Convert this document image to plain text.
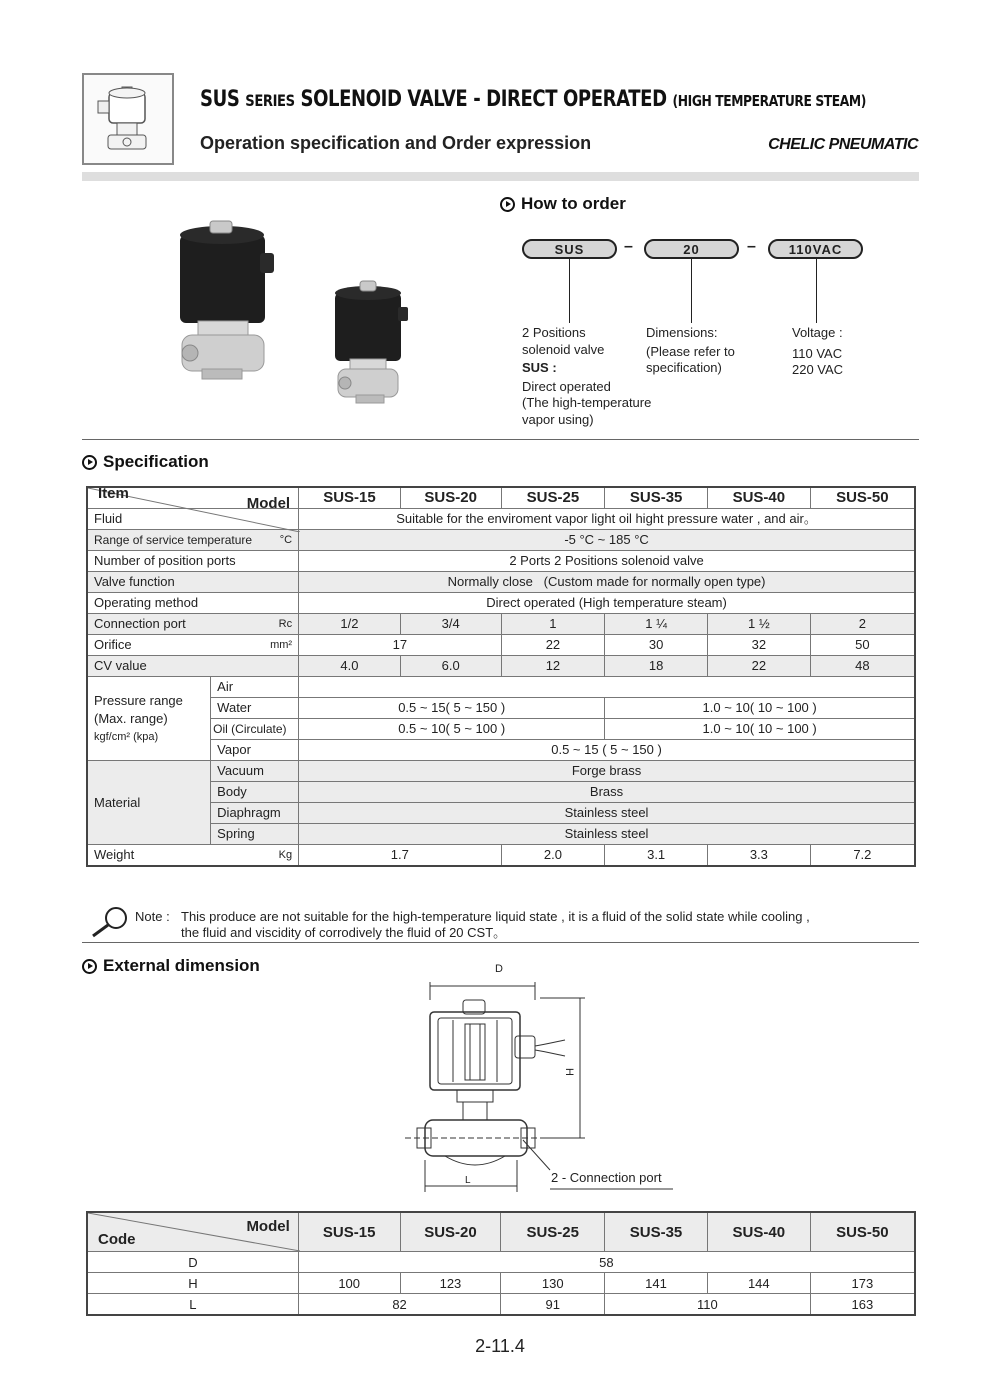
SUS SERIES SOLENOID VALVE - DIRECT OPERATED (HIGH TEMPERATURE STEAM)
Operation specification and Order expression	CHELIC PNEUMATIC
How to order
SUS	–	20	–	110VAC
2 Positions
solenoid valve
SUS :
Direct operated
(The high-temperature
vapor using)
Dimensions:
(Please refer to
specification)
Voltage :
110 VAC
220 VAC
Specification
Model
Item		SUS-15	SUS-20	SUS-25	SUS-35	SUS-40	SUS-50
Fluid		Suitable for the enviroment vapor light oil hight pressure water , and air。					
Range of service temperature °C		-5 °C ~ 185 °C					
Number of position ports		2 Ports 2 Positions solenoid valve					
Valve function		Normally close   (Custom made for normally open type)					
Operating method		Direct operated (High temperature steam)					
Connection port Rc		1/2	3/4	1	1 ¼	1 ½	2
Orifice mm²		17		22	30	32	50
CV value		4.0	6.0	12	18	22	48

Pressure range
(Max. range)
kgf/cm² (kpa)	Air						
	Water	0.5 ~ 15( 5 ~ 150 )			1.0 ~ 10( 10 ~ 100 )		
	Oil (Circulate)	0.5 ~ 10( 5 ~ 100 )			1.0 ~ 10( 10 ~ 100 )		
	Vapor	0.5 ~ 15 ( 5 ~ 150 )					
Material	Vacuum	Forge brass					
	Body	Brass					
	Diaphragm	Stainless steel					
	Spring	Stainless steel					
Weight Kg		1.7		2.0	3.1	3.3	7.2
Note : This produce are not suitable for the high-temperature liquid state , it is a fluid of the solid state while cooling ,
the fluid and viscidity of corrodively the fluid of 20 CST。
External dimension	D
H
L	2 - Connection port
Model
Code	SUS-15	SUS-20	SUS-25	SUS-35	SUS-40	SUS-50
D	58					
H	100	123	130	141	144	173
L	82		91	110		163
2-11.4
